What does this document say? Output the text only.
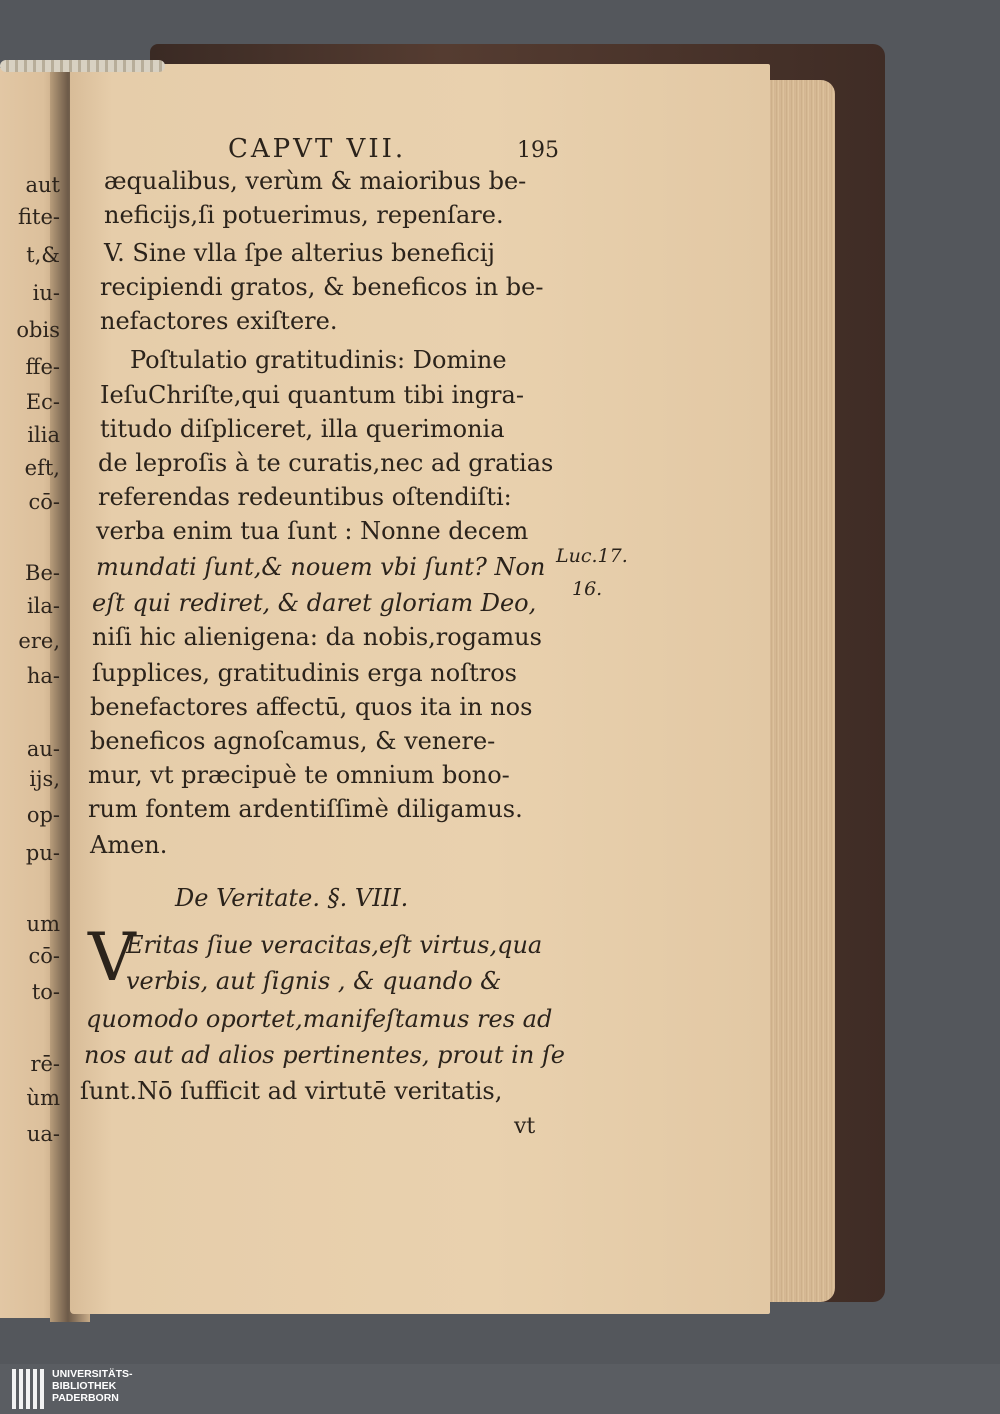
CAPVT VII.	195
æqualibus, verùm & maioribus be-
neficijs,ſi potuerimus, repenſare.
V. Sine vlla ſpe alterius beneficij
recipiendi gratos, & beneficos in be-
nefactores exiſtere.
Poſtulatio gratitudinis: Domine
IeſuChriſte,qui quantum tibi ingra-
titudo diſpliceret, illa querimonia
de leproſis à te curatis,nec ad gratias
referendas redeuntibus oſtendiſti:
verba enim tua ſunt : Nonne decem
mundati ſunt,& nouem vbi ſunt? Non
eſt qui rediret, & daret gloriam Deo,
niſi hic alienigena: da nobis,rogamus
ſupplices, gratitudinis erga noſtros
benefactores affectū, quos ita in nos
beneficos agnoſcamus, & venere-
mur, vt præcipuè te omnium bono-
rum fontem ardentiſſimè diligamus.
Amen.
Luc.17.
16.
De Veritate. §. VIII.
V
Eritas ſiue veracitas,eſt virtus,qua
verbis, aut ſignis , & quando &
quomodo oportet,manifeſtamus res ad
nos aut ad alios pertinentes, prout in ſe
ſunt.Nō ſufficit ad virtutē veritatis,
vt
aut
fite-
t,&
iu-
obis
ffe-
Ec-
ilia
eft,
cō-
Be-
ila-
ere,
ha-
au-
ijs,
op-
pu-
um
cō-
to-
rē-
ùm
ua-
UNIVERSITÄTS-
BIBLIOTHEK
PADERBORN
